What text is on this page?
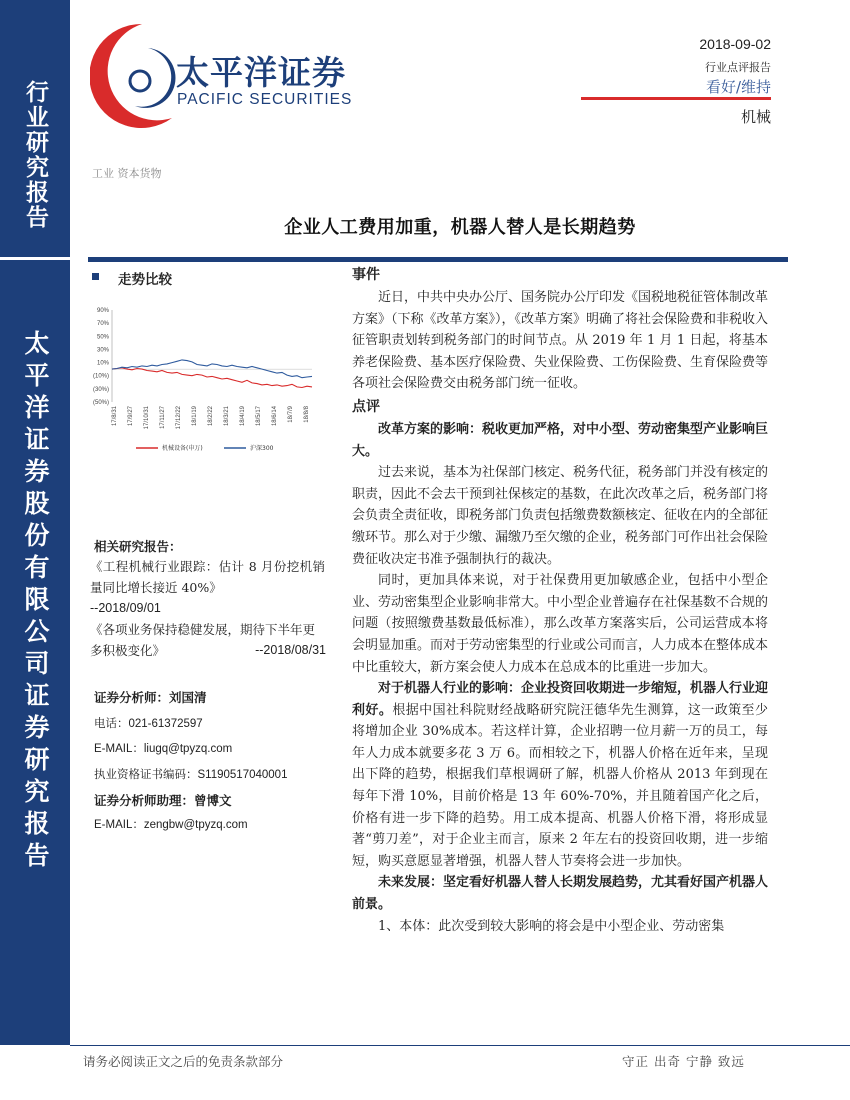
行业研究报告
太平洋证券股份有限公司证券研究报告
太平洋证券
PACIFIC SECURITIES
2018-09-02
行业点评报告
看好/维持
机械
工业 资本货物
企业人工费用加重，机器人替人是长期趋势
走势比较
90%
70%
50%
30%
10%
(10%)
(30%)
(50%)
17/8/31 17/9/27 17/10/31 17/11/27 17/12/22 18/1/19 18/2/22 18/3/21 18/4/19 18/5/17 18/6/14 18/7/9 18/8/8
机械设备(申万)	沪深300
相关研究报告：
《工程机械行业跟踪：估计 8 月份挖机销量同比增长接近 40%》
--2018/09/01
《各项业务保持稳健发展，期待下半年更多积极变化》	--2018/08/31
证券分析师：刘国清
电话：021-61372597
E-MAIL：liugq@tpyzq.com
执业资格证书编码：S1190517040001
证券分析师助理：曾博文
E-MAIL：zengbw@tpyzq.com

事件

近日，中共中央办公厅、国务院办公厅印发《国税地税征管体制改革方案》（下称《改革方案》），《改革方案》明确了将社会保险费和非税收入征管职责划转到税务部门的时间节点。从 2019 年 1 月 1 日起，将基本养老保险费、基本医疗保险费、失业保险费、工伤保险费、生育保险费等各项社会保险费交由税务部门统一征收。

点评

改革方案的影响：税收更加严格，对中小型、劳动密集型产业影响巨大。

过去来说，基本为社保部门核定、税务代征，税务部门并没有核定的职责，因此不会去干预到社保核定的基数，在此次改革之后，税务部门将会负责全责征收，即税务部门负责包括缴费数额核定、征收在内的全部征缴环节。那么对于少缴、漏缴乃至欠缴的企业，税务部门可作出社会保险费征收决定书准予强制执行的裁决。

同时，更加具体来说，对于社保费用更加敏感企业，包括中小型企业、劳动密集型企业影响非常大。中小型企业普遍存在社保基数不合规的问题（按照缴费基数最低标准），那么改革方案落实后，公司运营成本将会明显加重。而对于劳动密集型的行业或公司而言，人力成本在整体成本中比重较大，新方案会使人力成本在总成本的比重进一步加大。

对于机器人行业的影响：企业投资回收期进一步缩短，机器人行业迎利好。根据中国社科院财经战略研究院汪德华先生测算，这一政策至少将增加企业 30%成本。若这样计算，企业招聘一位月薪一万的员工，每年人力成本就要多花 3 万 6。而相较之下，机器人价格在近年来，呈现出下降的趋势，根据我们草根调研了解，机器人价格从 2013 年到现在每年下滑 10%，目前价格是 13 年 60%-70%，并且随着国产化之后，价格有进一步下降的趋势。用工成本提高、机器人价格下滑，将形成显著“剪刀差”，对于企业主而言，原来 2 年左右的投资回收期，进一步缩短，购买意愿显著增强，机器人替人节奏将会进一步加快。

未来发展：坚定看好机器人替人长期发展趋势，尤其看好国产机器人前景。

1、本体：此次受到较大影响的将会是中小型企业、劳动密集

请务必阅读正文之后的免责条款部分	守正 出奇 宁静 致远
